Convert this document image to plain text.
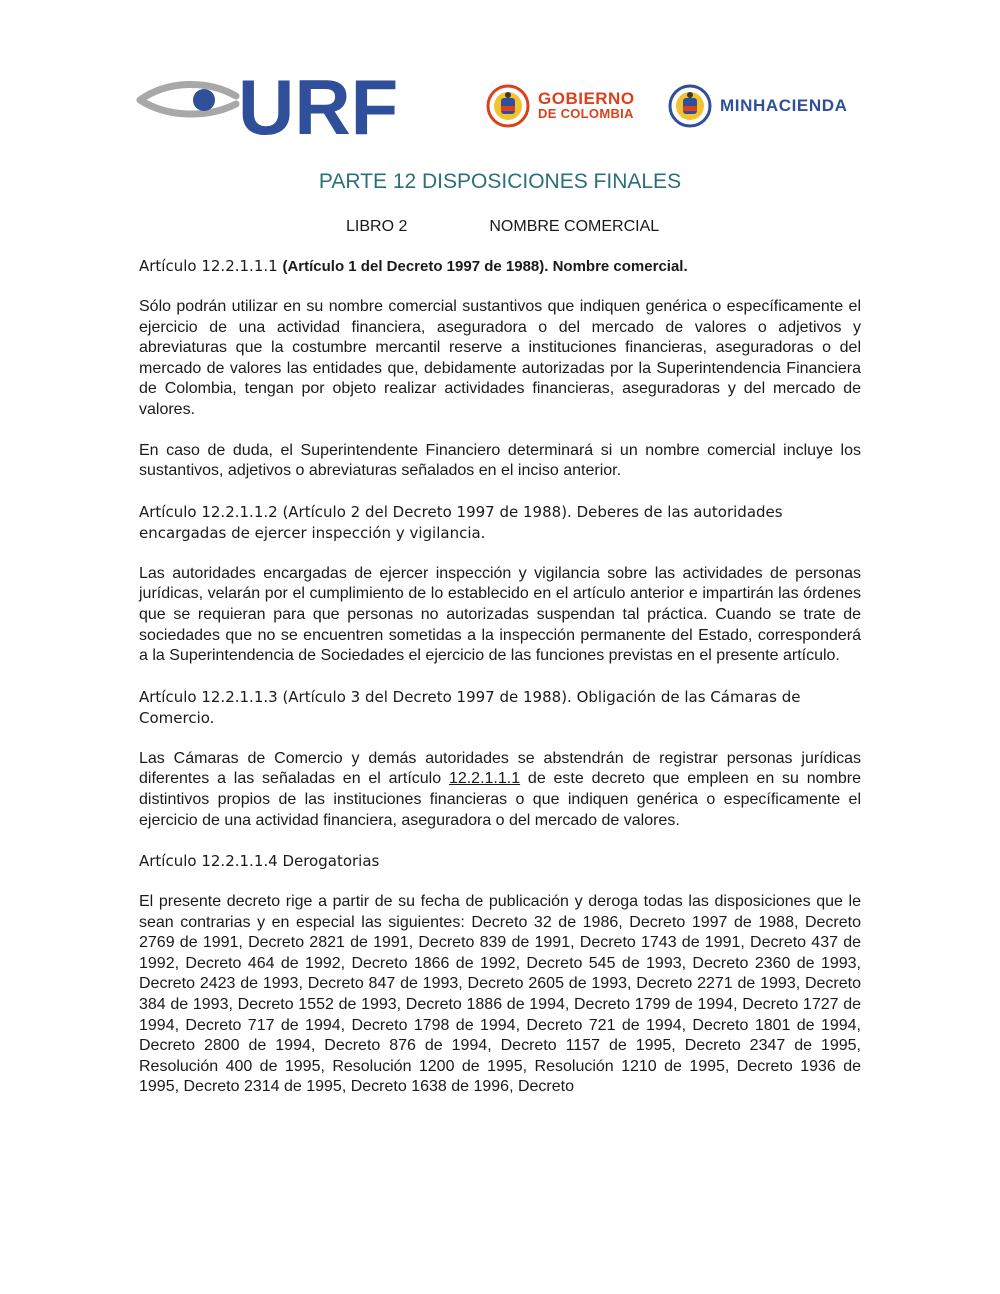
URF	GOBIERNO
DE COLOMBIA	MINHACIENDA
PARTE 12 DISPOSICIONES FINALES
LIBRO 2	NOMBRE COMERCIAL

Artículo 12.2.1.1.1 (Artículo 1 del Decreto 1997 de 1988). Nombre comercial.

Sólo podrán utilizar en su nombre comercial sustantivos que indiquen genérica o específicamente el ejercicio de una actividad financiera, aseguradora o del mercado de valores o adjetivos y abreviaturas que la costumbre mercantil reserve a instituciones financieras, aseguradoras o del mercado de valores las entidades que, debidamente autorizadas por la Superintendencia Financiera de Colombia, tengan por objeto realizar actividades financieras, aseguradoras y del mercado de valores.

En caso de duda, el Superintendente Financiero determinará si un nombre comercial incluye los sustantivos, adjetivos o abreviaturas señalados en el inciso anterior.

Artículo 12.2.1.1.2 (Artículo 2 del Decreto 1997 de 1988). Deberes de las autoridades encargadas de ejercer inspección y vigilancia.

Las autoridades encargadas de ejercer inspección y vigilancia sobre las actividades de personas jurídicas, velarán por el cumplimiento de lo establecido en el artículo anterior e impartirán las órdenes que se requieran para que personas no autorizadas suspendan tal práctica. Cuando se trate de sociedades que no se encuentren sometidas a la inspección permanente del Estado, corresponderá a la Superintendencia de Sociedades el ejercicio de las funciones previstas en el presente artículo.

Artículo 12.2.1.1.3 (Artículo 3 del Decreto 1997 de 1988). Obligación de las Cámaras de Comercio.

Las Cámaras de Comercio y demás autoridades se abstendrán de registrar personas jurídicas diferentes a las señaladas en el artículo 12.2.1.1.1 de este decreto que empleen en su nombre distintivos propios de las instituciones financieras o que indiquen genérica o específicamente el ejercicio de una actividad financiera, aseguradora o del mercado de valores.

Artículo 12.2.1.1.4 Derogatorias

El presente decreto rige a partir de su fecha de publicación y deroga todas las disposiciones que le sean contrarias y en especial las siguientes: Decreto 32 de 1986, Decreto 1997 de 1988, Decreto 2769 de 1991, Decreto 2821 de 1991, Decreto 839 de 1991, Decreto 1743 de 1991, Decreto 437 de 1992, Decreto 464 de 1992, Decreto 1866 de 1992, Decreto 545 de 1993, Decreto 2360 de 1993, Decreto 2423 de 1993, Decreto 847 de 1993, Decreto 2605 de 1993, Decreto 2271 de 1993, Decreto 384 de 1993, Decreto 1552 de 1993, Decreto 1886 de 1994, Decreto 1799 de 1994, Decreto 1727 de 1994, Decreto 717 de 1994, Decreto 1798 de 1994, Decreto 721 de 1994, Decreto 1801 de 1994, Decreto 2800 de 1994, Decreto 876 de 1994, Decreto 1157 de 1995, Decreto 2347 de 1995, Resolución 400 de 1995, Resolución 1200 de 1995, Resolución 1210 de 1995, Decreto 1936 de 1995, Decreto 2314 de 1995, Decreto 1638 de 1996, Decreto
